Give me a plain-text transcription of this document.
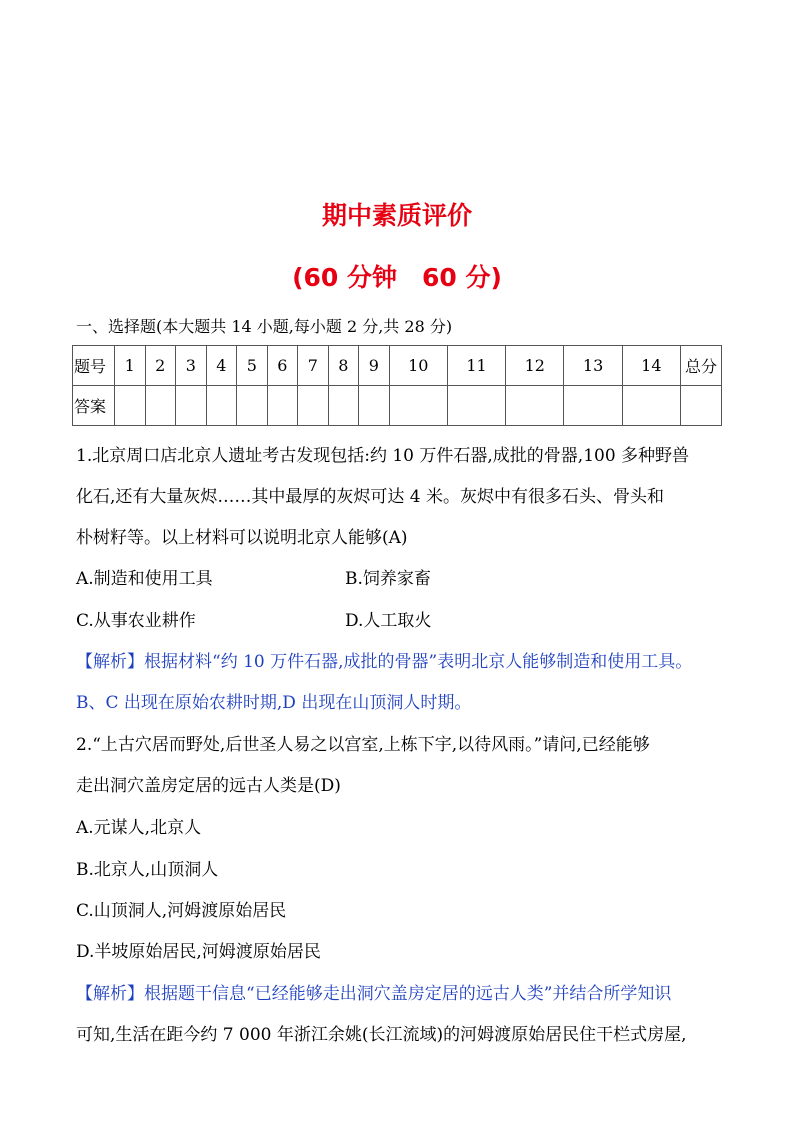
期中素质评价
(60 分钟　60 分)
一、选择题(本大题共 14 小题,每小题 2 分,共 28 分)
题号	1	2	3	4	5	6	7	8	9	10	11	12	13	14	总分
答案															
1.北京周口店北京人遗址考古发现包括:约 10 万件石器,成批的骨器,100 多种野兽
化石,还有大量灰烬……其中最厚的灰烬可达 4 米。灰烬中有很多石头、骨头和
朴树籽等。以上材料可以说明北京人能够(A)
A.制造和使用工具	B.饲养家畜
C.从事农业耕作	D.人工取火
【解析】根据材料“约 10 万件石器,成批的骨器”表明北京人能够制造和使用工具。
B、C 出现在原始农耕时期,D 出现在山顶洞人时期。
2.“上古穴居而野处,后世圣人易之以宫室,上栋下宇,以待风雨。”请问,已经能够
走出洞穴盖房定居的远古人类是(D)
A.元谋人,北京人
B.北京人,山顶洞人
C.山顶洞人,河姆渡原始居民
D.半坡原始居民,河姆渡原始居民
【解析】根据题干信息“已经能够走出洞穴盖房定居的远古人类”并结合所学知识
可知,生活在距今约 7 000 年浙江余姚(长江流域)的河姆渡原始居民住干栏式房屋,
